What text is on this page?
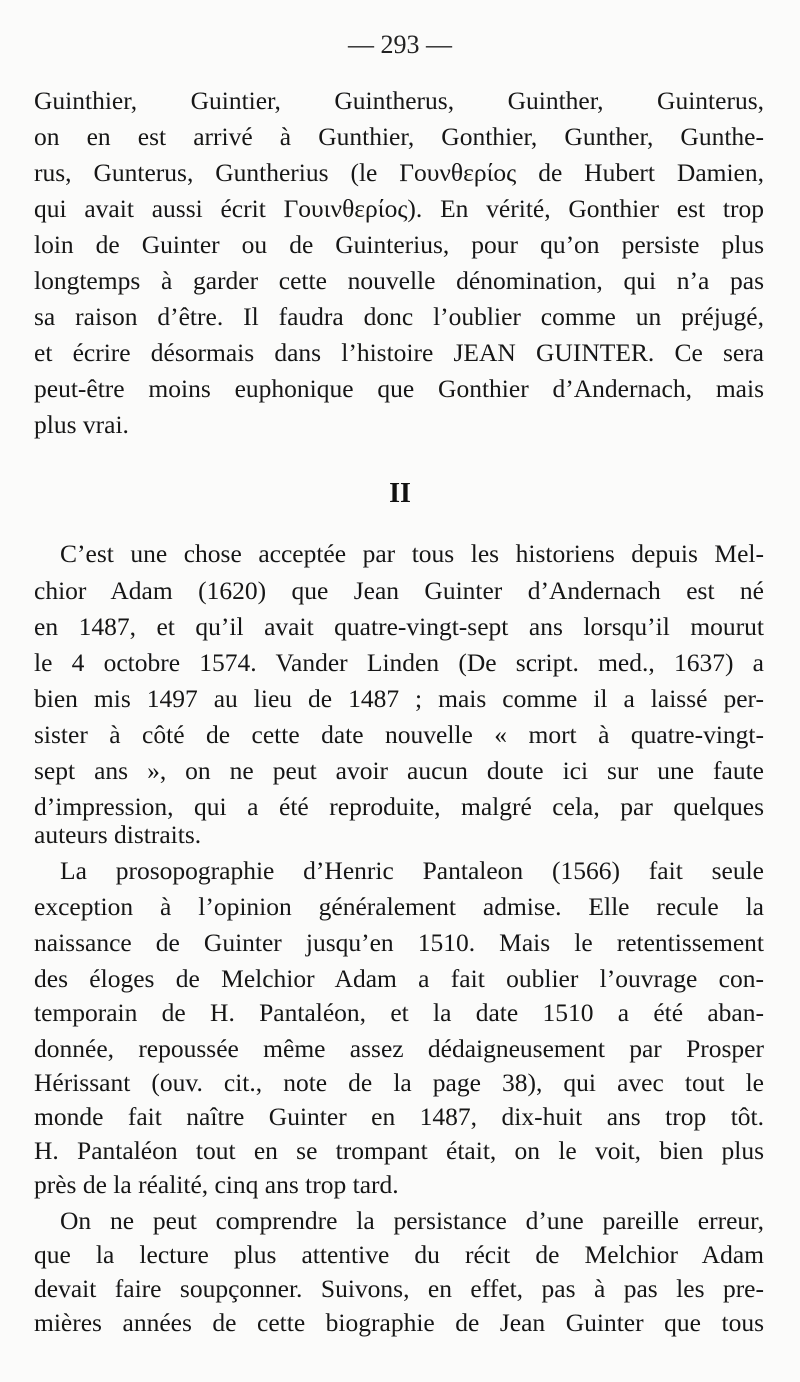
— 293 —
Guinthier, Guintier, Guintherus, Guinther, Guinterus,
on en est arrivé à Gunthier, Gonthier, Gunther, Gunthe-
rus, Gunterus, Guntherius (le Γουνθερίος de Hubert Damien,
qui avait aussi écrit Γουινθερίος). En vérité, Gonthier est trop
loin de Guinter ou de Guinterius, pour qu’on persiste plus
longtemps à garder cette nouvelle dénomination, qui n’a pas
sa raison d’être. Il faudra donc l’oublier comme un préjugé,
et écrire désormais dans l’histoire JEAN GUINTER. Ce sera
peut-être moins euphonique que Gonthier d’Andernach, mais
plus vrai.
II
C’est une chose acceptée par tous les historiens depuis Mel-
chior Adam (1620) que Jean Guinter d’Andernach est né
en 1487, et qu’il avait quatre-vingt-sept ans lorsqu’il mourut
le 4 octobre 1574. Vander Linden (De script. med., 1637) a
bien mis 1497 au lieu de 1487 ; mais comme il a laissé per-
sister à côté de cette date nouvelle « mort à quatre-vingt-
sept ans », on ne peut avoir aucun doute ici sur une faute
d’impression, qui a été reproduite, malgré cela, par quelques
auteurs distraits.
La prosopographie d’Henric Pantaleon (1566) fait seule
exception à l’opinion généralement admise. Elle recule la
naissance de Guinter jusqu’en 1510. Mais le retentissement
des éloges de Melchior Adam a fait oublier l’ouvrage con-
temporain de H. Pantaléon, et la date 1510 a été aban-
donnée, repoussée même assez dédaigneusement par Prosper
Hérissant (ouv. cit., note de la page 38), qui avec tout le
monde fait naître Guinter en 1487, dix-huit ans trop tôt.
H. Pantaléon tout en se trompant était, on le voit, bien plus
près de la réalité, cinq ans trop tard.
On ne peut comprendre la persistance d’une pareille erreur,
que la lecture plus attentive du récit de Melchior Adam
devait faire soupçonner. Suivons, en effet, pas à pas les pre-
mières années de cette biographie de Jean Guinter que tous
